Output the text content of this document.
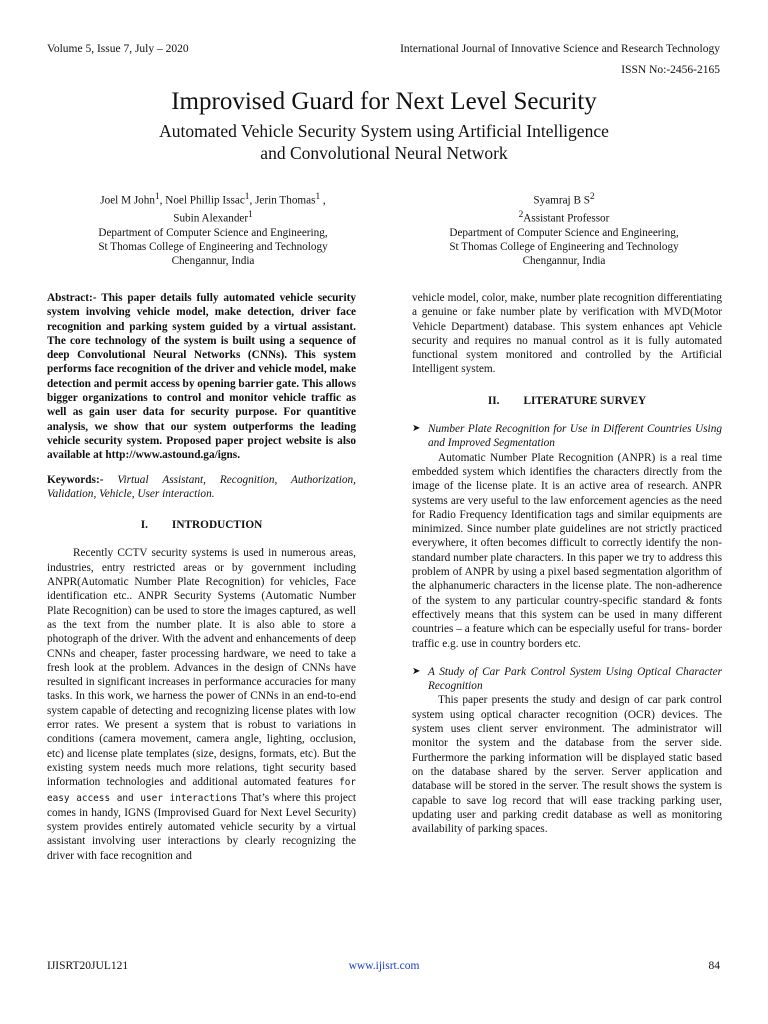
Volume 5, Issue 7, July – 2020	International Journal of Innovative Science and Research Technology
ISSN No:-2456-2165
Improvised Guard for Next Level Security
Automated Vehicle Security System using Artificial Intelligence and Convolutional Neural Network
Joel M John$^1$, Noel Phillip Issac$^1$, Jerin Thomas$^1$ ,
Subin Alexander$^1$
Department of Computer Science and Engineering,
St Thomas College of Engineering and Technology
Chengannur, India
Syamraj B $S^2$
$^2$Assistant Professor
Department of Computer Science and Engineering,
St Thomas College of Engineering and Technology
Chengannur, India

Abstract:- This paper details fully automated vehicle security system involving vehicle model, make detection, driver face recognition and parking system guided by a virtual assistant. The core technology of the system is built using a sequence of deep Convolutional Neural Networks (CNNs). This system performs face recognition of the driver and vehicle model, make detection and permit access by opening barrier gate. This allows bigger organizations to control and monitor vehicle traffic as well as gain user data for security purpose. For quantitive analysis, we show that our system outperforms the leading vehicle security system. Proposed paper project website is also available at http://www.astound.ga/igns.

Keywords:- Virtual Assistant, Recognition, Authorization, Validation, Vehicle, User interaction.

I. INTRODUCTION

Recently CCTV security systems is used in numerous areas, industries, entry restricted areas or by government including ANPR(Automatic Number Plate Recognition) for vehicles, Face identification etc.. ANPR Security Systems (Automatic Number Plate Recognition) can be used to store the images captured, as well as the text from the number plate. It is also able to store a photograph of the driver. With the advent and enhancements of deep CNNs and cheaper, faster processing hardware, we need to take a fresh look at the problem. Advances in the design of CNNs have resulted in significant increases in performance accuracies for many tasks. In this work, we harness the power of CNNs in an end-to-end system capable of detecting and recognizing license plates with low error rates. We present a system that is robust to variations in conditions (camera movement, camera angle, lighting, occlusion, etc) and license plate templates (size, designs, formats, etc). But the existing system needs much more relations, tight security based information technologies and additional automated features for easy access and user interactions That’s where this project comes in handy, IGNS (Improvised Guard for Next Level Security) system provides entirely automated vehicle security by a virtual assistant involving user interactions by clearly recognizing the driver with face recognition and

vehicle model, color, make, number plate recognition differentiating a genuine or fake number plate by verification with MVD(Motor Vehicle Department) database. This system enhances apt Vehicle security and requires no manual control as it is fully automated functional system monitored and controlled by the Artificial Intelligent system.

II. LITERATURE SURVEY
➤ Number Plate Recognition for Use in Different Countries Using and Improved Segmentation

Automatic Number Plate Recognition (ANPR) is a real time embedded system which identifies the characters directly from the image of the license plate. It is an active area of research. ANPR systems are very useful to the law enforcement agencies as the need for Radio Frequency Identification tags and similar equipments are minimized. Since number plate guidelines are not strictly practiced everywhere, it often becomes difficult to correctly identify the non-standard number plate characters. In this paper we try to address this problem of ANPR by using a pixel based segmentation algorithm of the alphanumeric characters in the license plate. The non-adherence of the system to any particular country-specific standard & fonts effectively means that this system can be used in many different countries – a feature which can be especially useful for trans- border traffic e.g. use in country borders etc.

➤ A Study of Car Park Control System Using Optical Character Recognition

This paper presents the study and design of car park control system using optical character recognition (OCR) devices. The system uses client server environment. The administrator will monitor the system and the database from the server side. Furthermore the parking information will be displayed static based on the database shared by the server. Server application and database will be stored in the server. The result shows the system is capable to save log record that will ease tracking parking user, updating user and parking credit database as well as monitoring availability of parking spaces.

IJISRT20JUL121	www.ijisrt.com	84
